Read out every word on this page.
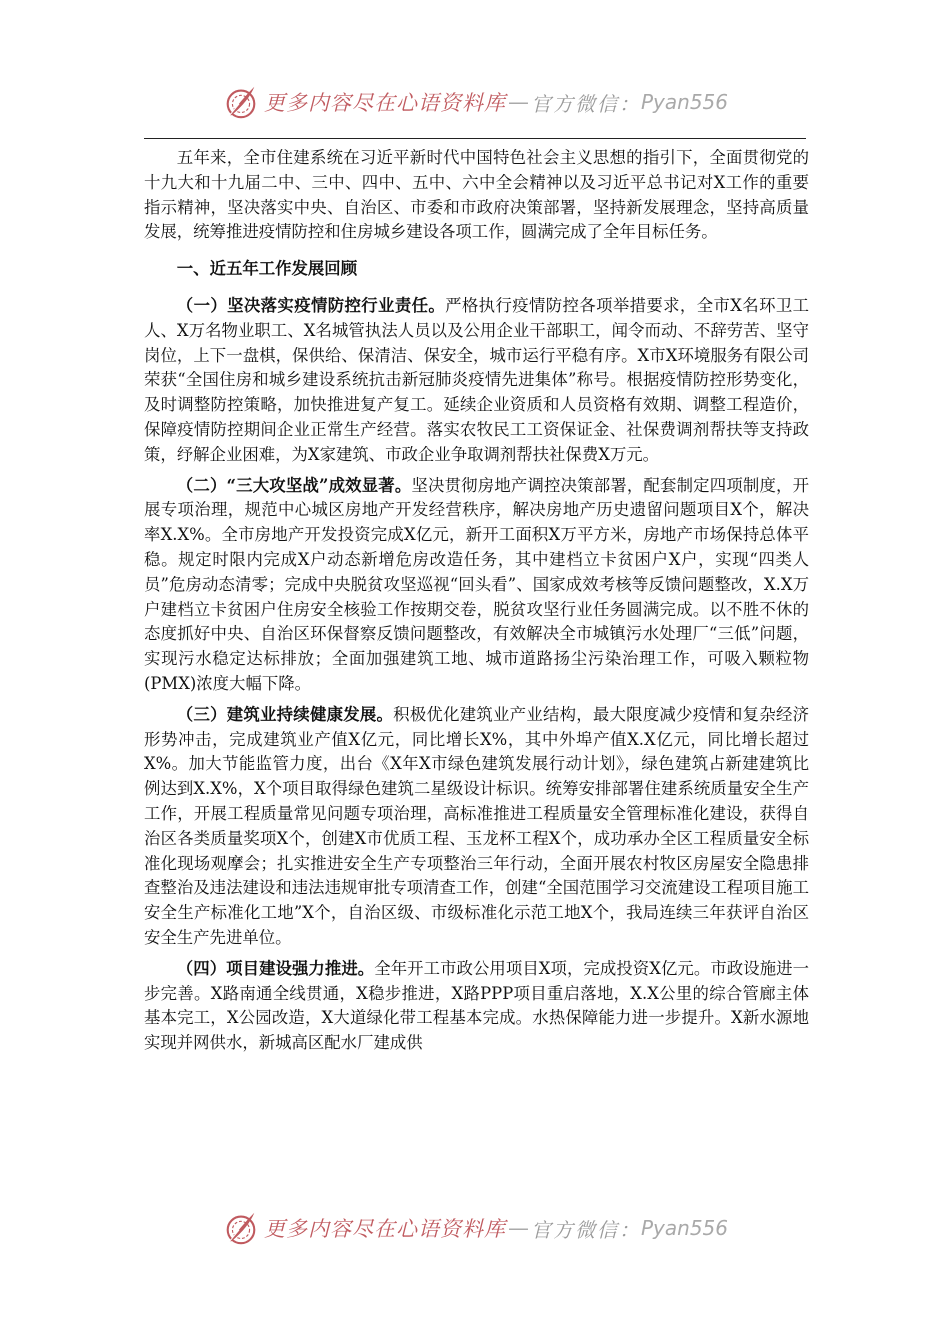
更多内容尽在心语资料库 — 官方微信： Pyan556

五年来，全市住建系统在习近平新时代中国特色社会主义思想的指引下，全面贯彻党的十九大和十九届二中、三中、四中、五中、六中全会精神以及习近平总书记对X工作的重要指示精神，坚决落实中央、自治区、市委和市政府决策部署，坚持新发展理念，坚持高质量发展，统筹推进疫情防控和住房城乡建设各项工作，圆满完成了全年目标任务。

一、近五年工作发展回顾

（一）坚决落实疫情防控行业责任。严格执行疫情防控各项举措要求，全市X名环卫工人、X万名物业职工、X名城管执法人员以及公用企业干部职工，闻令而动、不辞劳苦、坚守岗位，上下一盘棋，保供给、保清洁、保安全，城市运行平稳有序。X市X环境服务有限公司荣获“全国住房和城乡建设系统抗击新冠肺炎疫情先进集体”称号。根据疫情防控形势变化，及时调整防控策略，加快推进复产复工。延续企业资质和人员资格有效期、调整工程造价，保障疫情防控期间企业正常生产经营。落实农牧民工工资保证金、社保费调剂帮扶等支持政策，纾解企业困难，为X家建筑、市政企业争取调剂帮扶社保费X万元。

（二）“三大攻坚战”成效显著。坚决贯彻房地产调控决策部署，配套制定四项制度，开展专项治理，规范中心城区房地产开发经营秩序，解决房地产历史遗留问题项目X个，解决率X.X%。全市房地产开发投资完成X亿元，新开工面积X万平方米，房地产市场保持总体平稳。规定时限内完成X户动态新增危房改造任务，其中建档立卡贫困户X户，实现“四类人员”危房动态清零；完成中央脱贫攻坚巡视“回头看”、国家成效考核等反馈问题整改，X.X万户建档立卡贫困户住房安全核验工作按期交卷，脱贫攻坚行业任务圆满完成。以不胜不休的态度抓好中央、自治区环保督察反馈问题整改，有效解决全市城镇污水处理厂“三低”问题，实现污水稳定达标排放；全面加强建筑工地、城市道路扬尘污染治理工作，可吸入颗粒物(PMX)浓度大幅下降。

（三）建筑业持续健康发展。积极优化建筑业产业结构，最大限度减少疫情和复杂经济形势冲击，完成建筑业产值X亿元，同比增长X%，其中外埠产值X.X亿元，同比增长超过X%。加大节能监管力度，出台《X年X市绿色建筑发展行动计划》，绿色建筑占新建建筑比例达到X.X%，X个项目取得绿色建筑二星级设计标识。统筹安排部署住建系统质量安全生产工作，开展工程质量常见问题专项治理，高标准推进工程质量安全管理标准化建设，获得自治区各类质量奖项X个，创建X市优质工程、玉龙杯工程X个，成功承办全区工程质量安全标准化现场观摩会；扎实推进安全生产专项整治三年行动，全面开展农村牧区房屋安全隐患排查整治及违法建设和违法违规审批专项清查工作，创建“全国范围学习交流建设工程项目施工安全生产标准化工地”X个，自治区级、市级标准化示范工地X个，我局连续三年获评自治区安全生产先进单位。

（四）项目建设强力推进。全年开工市政公用项目X项，完成投资X亿元。市政设施进一步完善。X路南通全线贯通，X稳步推进，X路PPP项目重启落地，X.X公里的综合管廊主体基本完工，X公园改造，X大道绿化带工程基本完成。水热保障能力进一步提升。X新水源地实现并网供水，新城高区配水厂建成供

更多内容尽在心语资料库 — 官方微信： Pyan556
